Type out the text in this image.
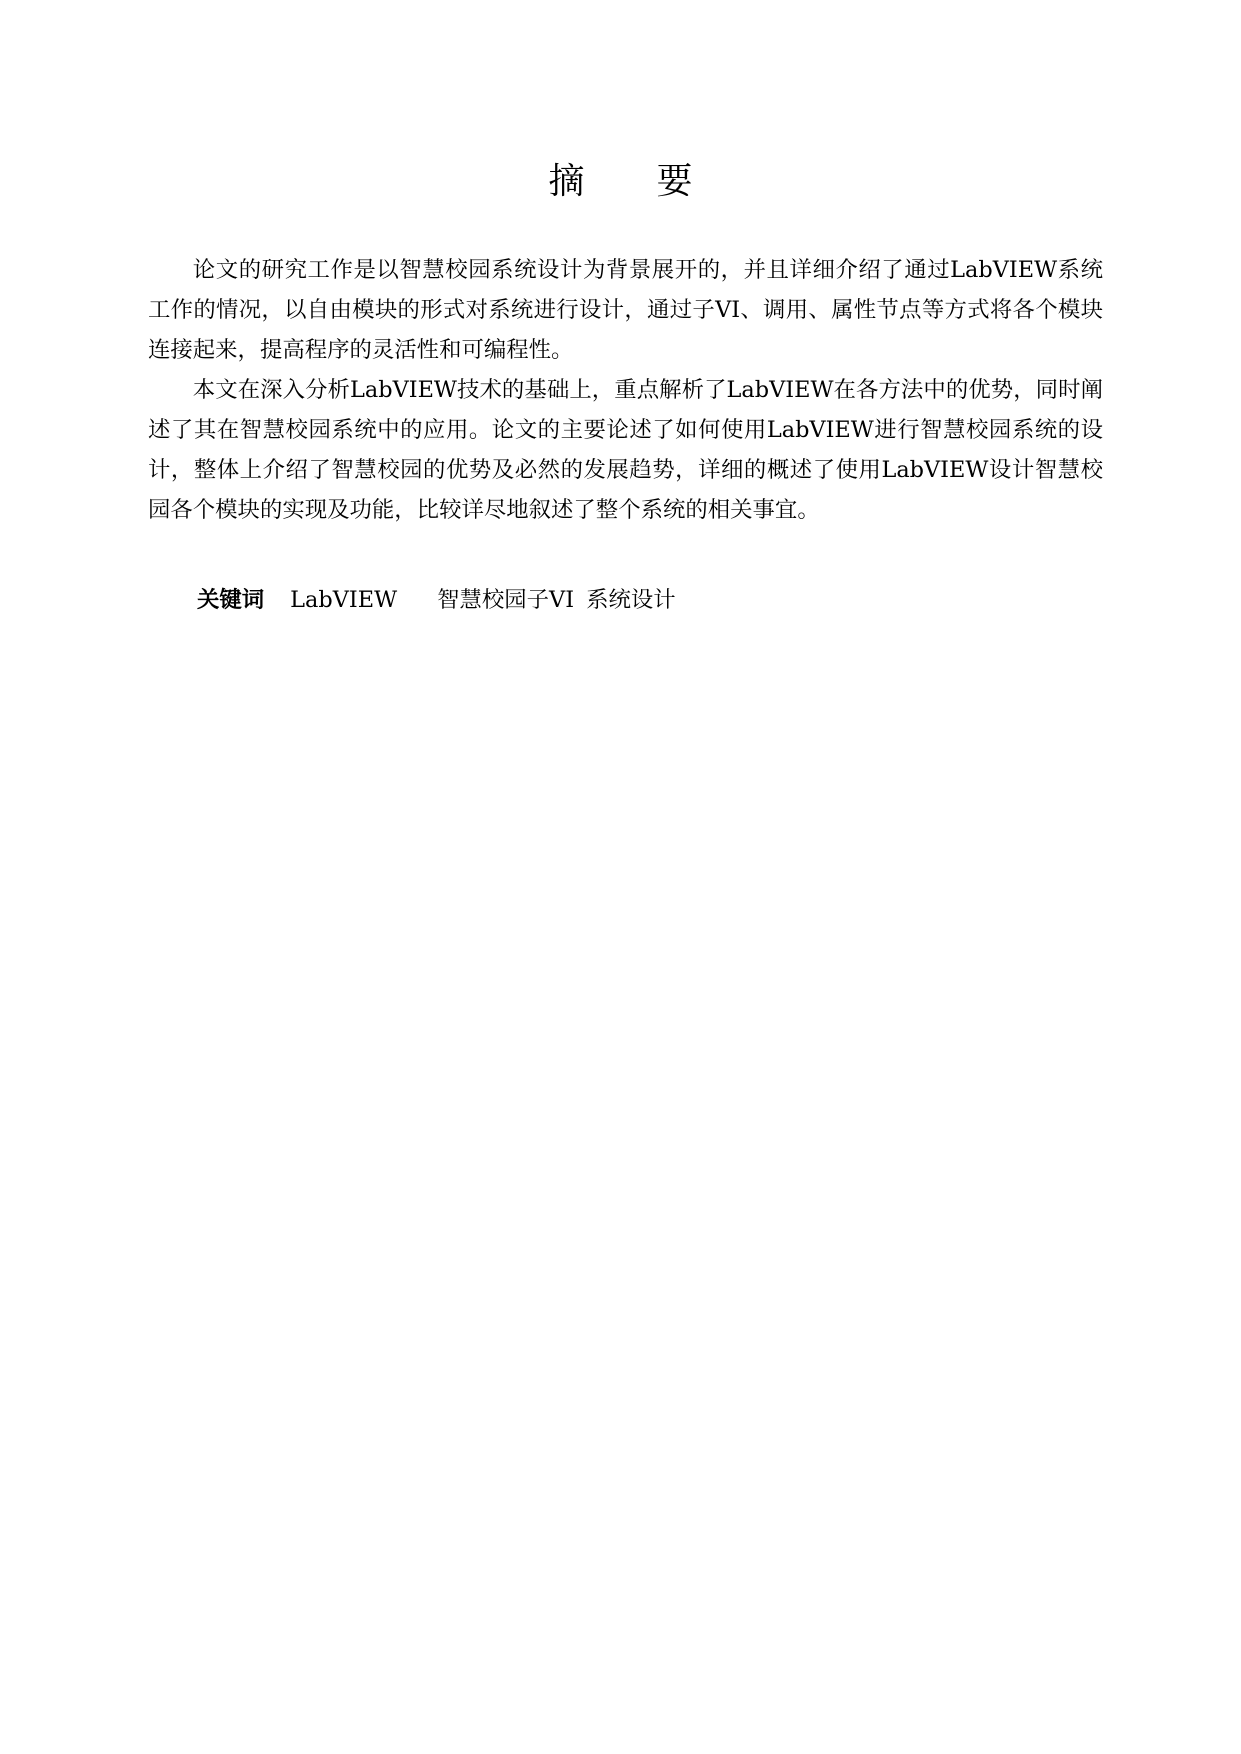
摘 要

论文的研究工作是以智慧校园系统设计为背景展开的，并且详细介绍了通过LabVIEW系统工作的情况，以自由模块的形式对系统进行设计，通过子VI、调用、属性节点等方式将各个模块连接起来，提高程序的灵活性和可编程性。

本文在深入分析LabVIEW技术的基础上，重点解析了LabVIEW在各方法中的优势，同时阐述了其在智慧校园系统中的应用。论文的主要论述了如何使用LabVIEW进行智慧校园系统的设计，整体上介绍了智慧校园的优势及必然的发展趋势，详细的概述了使用LabVIEW设计智慧校园各个模块的实现及功能，比较详尽地叙述了整个系统的相关事宜。

关键词 LabVIEW 智慧校园子VI 系统设计
